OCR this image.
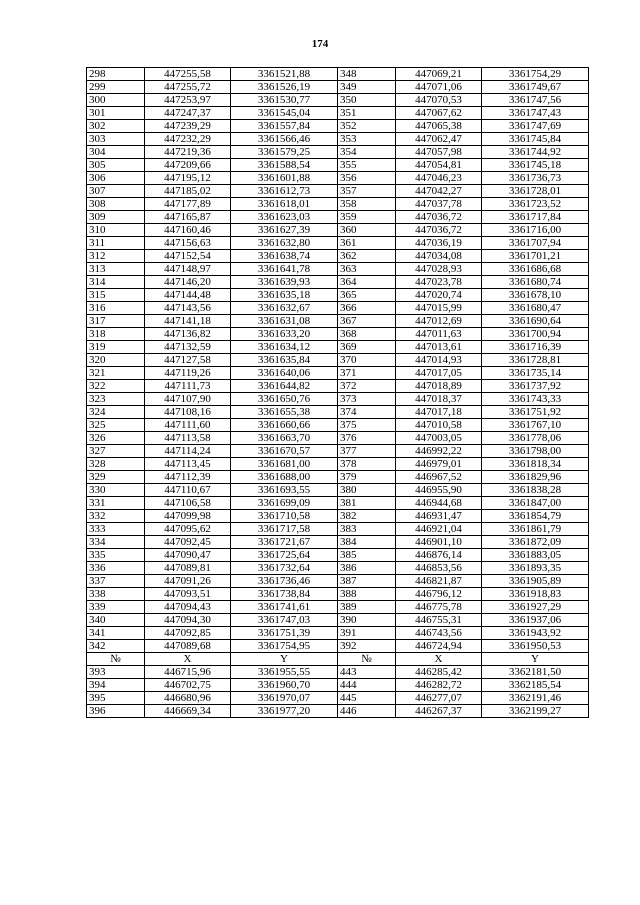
174
298	447255,58	3361521,88	348	447069,21	3361754,29
299	447255,72	3361526,19	349	447071,06	3361749,67
300	447253,97	3361530,77	350	447070,53	3361747,56
301	447247,37	3361545,04	351	447067,62	3361747,43
302	447239,29	3361557,84	352	447065,38	3361747,69
303	447232,29	3361566,46	353	447062,47	3361745,84
304	447219,36	3361579,25	354	447057,98	3361744,92
305	447209,66	3361588,54	355	447054,81	3361745,18
306	447195,12	3361601,88	356	447046,23	3361736,73
307	447185,02	3361612,73	357	447042,27	3361728,01
308	447177,89	3361618,01	358	447037,78	3361723,52
309	447165,87	3361623,03	359	447036,72	3361717,84
310	447160,46	3361627,39	360	447036,72	3361716,00
311	447156,63	3361632,80	361	447036,19	3361707,94
312	447152,54	3361638,74	362	447034,08	3361701,21
313	447148,97	3361641,78	363	447028,93	3361686,68
314	447146,20	3361639,93	364	447023,78	3361680,74
315	447144,48	3361635,18	365	447020,74	3361678,10
316	447143,56	3361632,67	366	447015,99	3361680,47
317	447141,18	3361631,08	367	447012,69	3361690,64
318	447136,82	3361633,20	368	447011,63	3361700,94
319	447132,59	3361634,12	369	447013,61	3361716,39
320	447127,58	3361635,84	370	447014,93	3361728,81
321	447119,26	3361640,06	371	447017,05	3361735,14
322	447111,73	3361644,82	372	447018,89	3361737,92
323	447107,90	3361650,76	373	447018,37	3361743,33
324	447108,16	3361655,38	374	447017,18	3361751,92
325	447111,60	3361660,66	375	447010,58	3361767,10
326	447113,58	3361663,70	376	447003,05	3361778,06
327	447114,24	3361670,57	377	446992,22	3361798,00
328	447113,45	3361681,00	378	446979,01	3361818,34
329	447112,39	3361688,00	379	446967,52	3361829,96
330	447110,67	3361693,55	380	446955,90	3361838,28
331	447106,58	3361699,09	381	446944,68	3361847,00
332	447099,98	3361710,58	382	446931,47	3361854,79
333	447095,62	3361717,58	383	446921,04	3361861,79
334	447092,45	3361721,67	384	446901,10	3361872,09
335	447090,47	3361725,64	385	446876,14	3361883,05
336	447089,81	3361732,64	386	446853,56	3361893,35
337	447091,26	3361736,46	387	446821,87	3361905,89
338	447093,51	3361738,84	388	446796,12	3361918,83
339	447094,43	3361741,61	389	446775,78	3361927,29
340	447094,30	3361747,03	390	446755,31	3361937,06
341	447092,85	3361751,39	391	446743,56	3361943,92
342	447089,68	3361754,95	392	446724,94	3361950,53
№	X	Y	№	X	Y
393	446715,96	3361955,55	443	446285,42	3362181,50
394	446702,75	3361960,70	444	446282,72	3362185,54
395	446680,96	3361970,07	445	446277,07	3362191,46
396	446669,34	3361977,20	446	446267,37	3362199,27
